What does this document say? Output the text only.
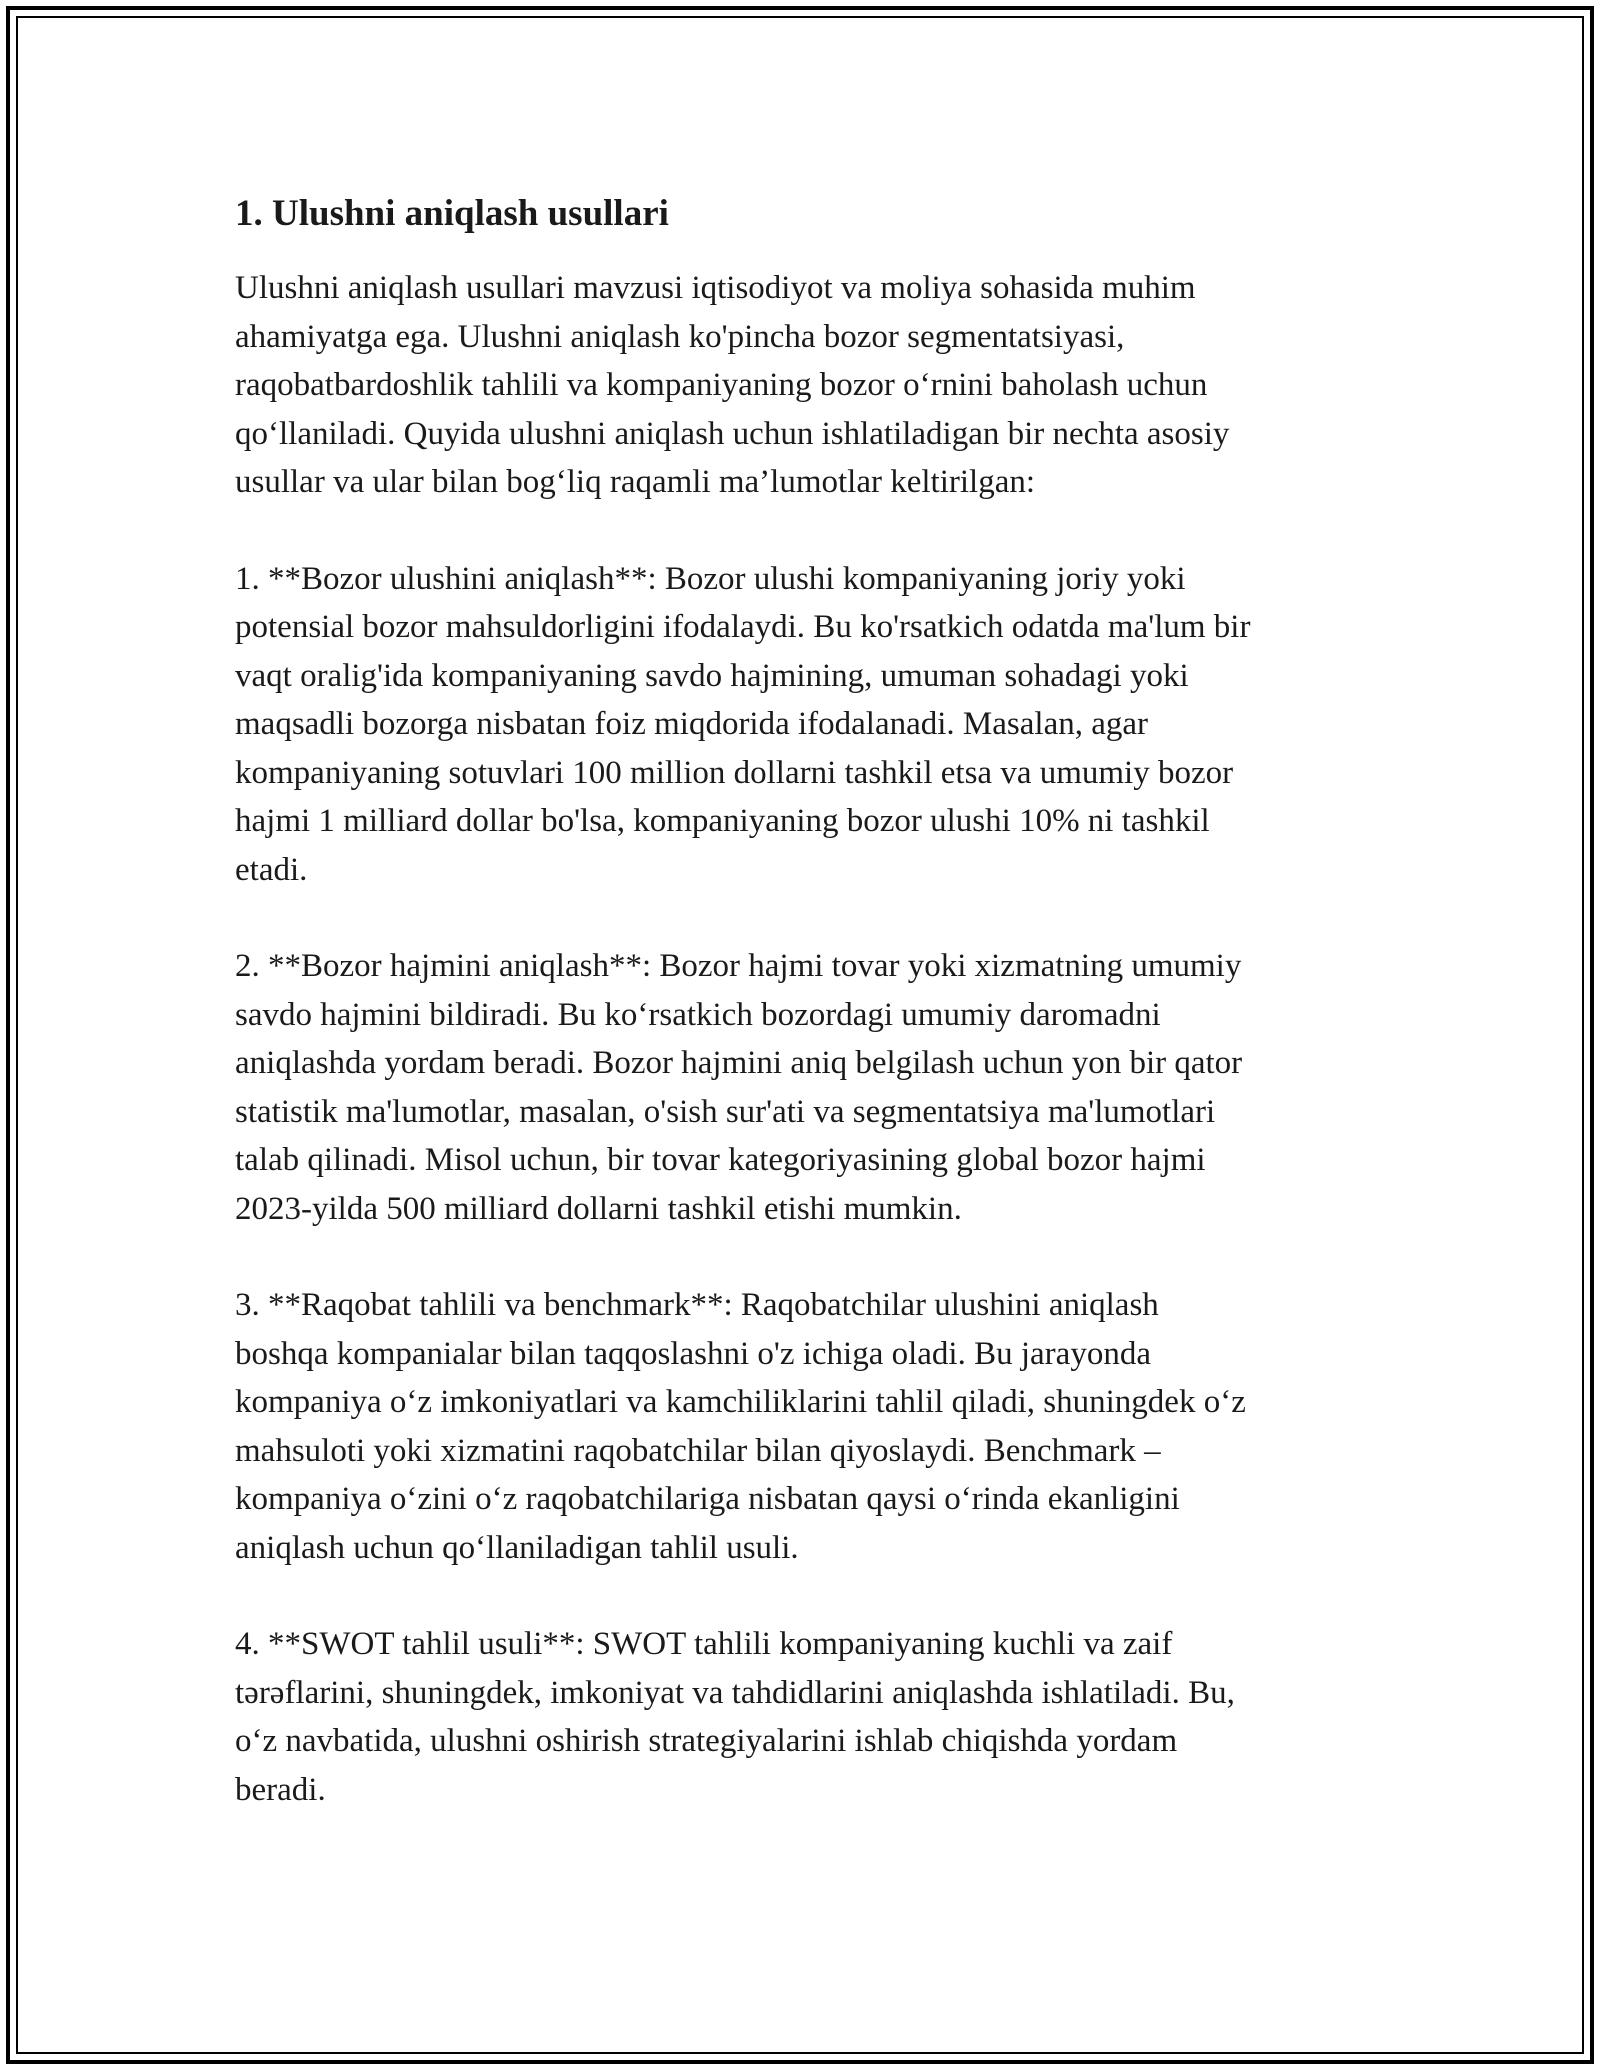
1. Ulushni aniqlash usullari

Ulushni aniqlash usullari mavzusi iqtisodiyot va moliya sohasida muhim
ahamiyatga ega. Ulushni aniqlash ko'pincha bozor segmentatsiyasi,
raqobatbardoshlik tahlili va kompaniyaning bozor o‘rnini baholash uchun
qo‘llaniladi. Quyida ulushni aniqlash uchun ishlatiladigan bir nechta asosiy
usullar va ular bilan bog‘liq raqamli ma’lumotlar keltirilgan:

1. **Bozor ulushini aniqlash**: Bozor ulushi kompaniyaning joriy yoki
potensial bozor mahsuldorligini ifodalaydi. Bu ko'rsatkich odatda ma'lum bir
vaqt oralig'ida kompaniyaning savdo hajmining, umuman sohadagi yoki
maqsadli bozorga nisbatan foiz miqdorida ifodalanadi. Masalan, agar
kompaniyaning sotuvlari 100 million dollarni tashkil etsa va umumiy bozor
hajmi 1 milliard dollar bo'lsa, kompaniyaning bozor ulushi 10% ni tashkil
etadi.

2. **Bozor hajmini aniqlash**: Bozor hajmi tovar yoki xizmatning umumiy
savdo hajmini bildiradi. Bu ko‘rsatkich bozordagi umumiy daromadni
aniqlashda yordam beradi. Bozor hajmini aniq belgilash uchun yon bir qator
statistik ma'lumotlar, masalan, o'sish sur'ati va segmentatsiya ma'lumotlari
talab qilinadi. Misol uchun, bir tovar kategoriyasining global bozor hajmi
2023-yilda 500 milliard dollarni tashkil etishi mumkin.

3. **Raqobat tahlili va benchmark**: Raqobatchilar ulushini aniqlash
boshqa kompanialar bilan taqqoslashni o'z ichiga oladi. Bu jarayonda
kompaniya o‘z imkoniyatlari va kamchiliklarini tahlil qiladi, shuningdek o‘z
mahsuloti yoki xizmatini raqobatchilar bilan qiyoslaydi. Benchmark –
kompaniya o‘zini o‘z raqobatchilariga nisbatan qaysi o‘rinda ekanligini
aniqlash uchun qo‘llaniladigan tahlil usuli.

4. **SWOT tahlil usuli**: SWOT tahlili kompaniyaning kuchli va zaif
tərəflarini, shuningdek, imkoniyat va tahdidlarini aniqlashda ishlatiladi. Bu,
o‘z navbatida, ulushni oshirish strategiyalarini ishlab chiqishda yordam
beradi.
